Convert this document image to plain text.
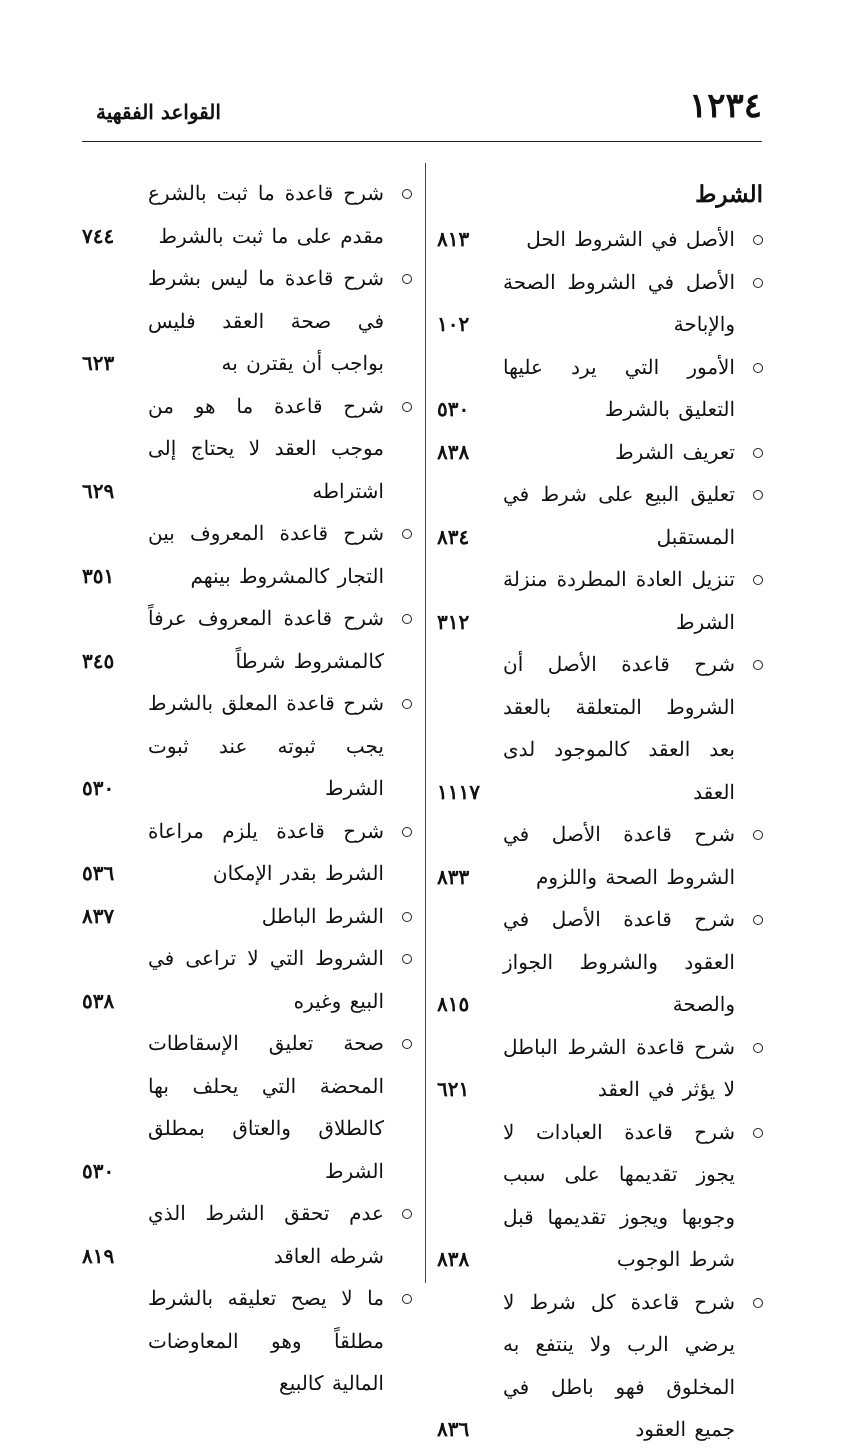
١٢٣٤
القواعد الفقهية
الشرط
الأصل في الشروط الحل
٨١٣
الأصل في الشروط الصحة والإباحة
١٠٢
الأمور التي يرد عليها التعليق بالشرط
٥٣٠
تعريف الشرط
٨٣٨
تعليق البيع على شرط في المستقبل
٨٣٤
تنزيل العادة المطردة منزلة الشرط
٣١٢
شرح قاعدة الأصل أن الشروط المتعلقة بالعقد بعد العقد كالموجود لدى العقد
١١١٧
شرح قاعدة الأصل في الشروط الصحة واللزوم
٨٣٣
شرح قاعدة الأصل في العقود والشروط الجواز والصحة
٨١٥
شرح قاعدة الشرط الباطل لا يؤثر في العقد
٦٢١
شرح قاعدة العبادات لا يجوز تقديمها على سبب وجوبها ويجوز تقديمها قبل شرط الوجوب
٨٣٨
شرح قاعدة كل شرط لا يرضي الرب ولا ينتفع به المخلوق فهو باطل في جميع العقود
٨٣٦
شرح قاعدة ما ثبت بالشرع مقدم على ما ثبت بالشرط
٧٤٤
شرح قاعدة ما ليس بشرط في صحة العقد فليس بواجب أن يقترن به
٦٢٣
شرح قاعدة ما هو من موجب العقد لا يحتاج إلى اشتراطه
٦٢٩
شرح قاعدة المعروف بين التجار كالمشروط بينهم
٣٥١
شرح قاعدة المعروف عرفاً كالمشروط شرطاً
٣٤٥
شرح قاعدة المعلق بالشرط يجب ثبوته عند ثبوت الشرط
٥٣٠
شرح قاعدة يلزم مراعاة الشرط بقدر الإمكان
٥٣٦
الشرط الباطل
٨٣٧
الشروط التي لا تراعى في البيع وغيره
٥٣٨
صحة تعليق الإسقاطات المحضة التي يحلف بها كالطلاق والعتاق بمطلق الشرط
٥٣٠
عدم تحقق الشرط الذي شرطه العاقد
٨١٩
ما لا يصح تعليقه بالشرط مطلقاً وهو المعاوضات المالية كالبيع
